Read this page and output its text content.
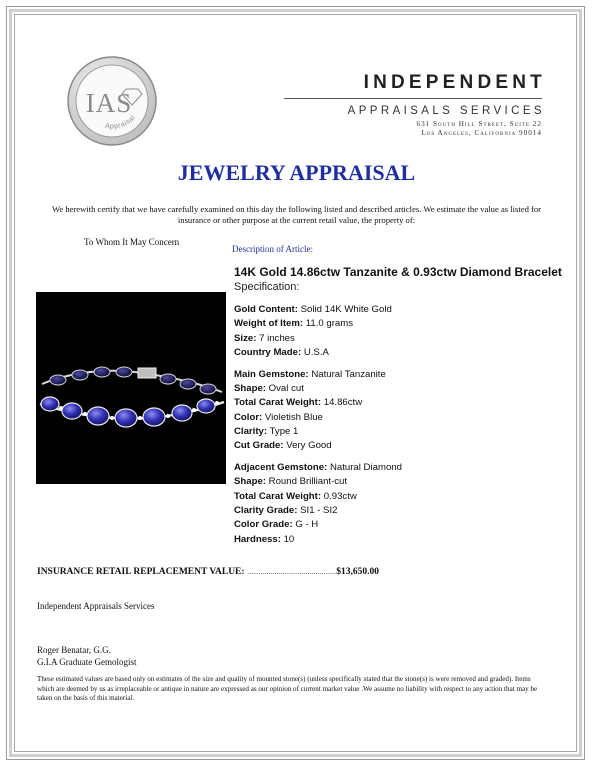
IAS
Appraisal
INDEPENDENT
APPRAISALS SERVICES
631 South Hill Street, Suite 22
Los Angeles, California 90014
JEWELRY APPRAISAL
We herewith certify that we have carefully examined on this day the following listed and described articles. We estimate the value as listed for insurance or other purpose at the current retail value, the property of:
To Whom It May Concern
Description of Article:
14K Gold 14.86ctw Tanzanite & 0.93ctw Diamond Bracelet
Specification:
Gold Content: Solid 14K White Gold
Weight of Item: 11.0 grams
Size: 7 inches
Country Made: U.S.A
Main Gemstone: Natural Tanzanite
Shape: Oval cut
Total Carat Weight: 14.86ctw
Color: Violetish Blue
Clarity: Type 1
Cut Grade: Very Good
Adjacent Gemstone: Natural Diamond
Shape: Round Brilliant-cut
Total Carat Weight: 0.93ctw
Clarity Grade: SI1 - SI2
Color Grade: G - H
Hardness: 10
INSURANCE RETAIL REPLACEMENT VALUE: …........................................$13,650.00
Independent Appraisals Services
Roger Benatar, G.G.
G.I.A Graduate Gemologist
These estimated values are based only on estimates of the size and quality of mounted stone(s) (unless specifically stated that the stone(s) is were removed and graded). Items which are deemed by us as irreplaceable or antique in nature are expressed as our opinion of current market value .We assume no liability with respect to any action that may be taken on the basis of this material.
